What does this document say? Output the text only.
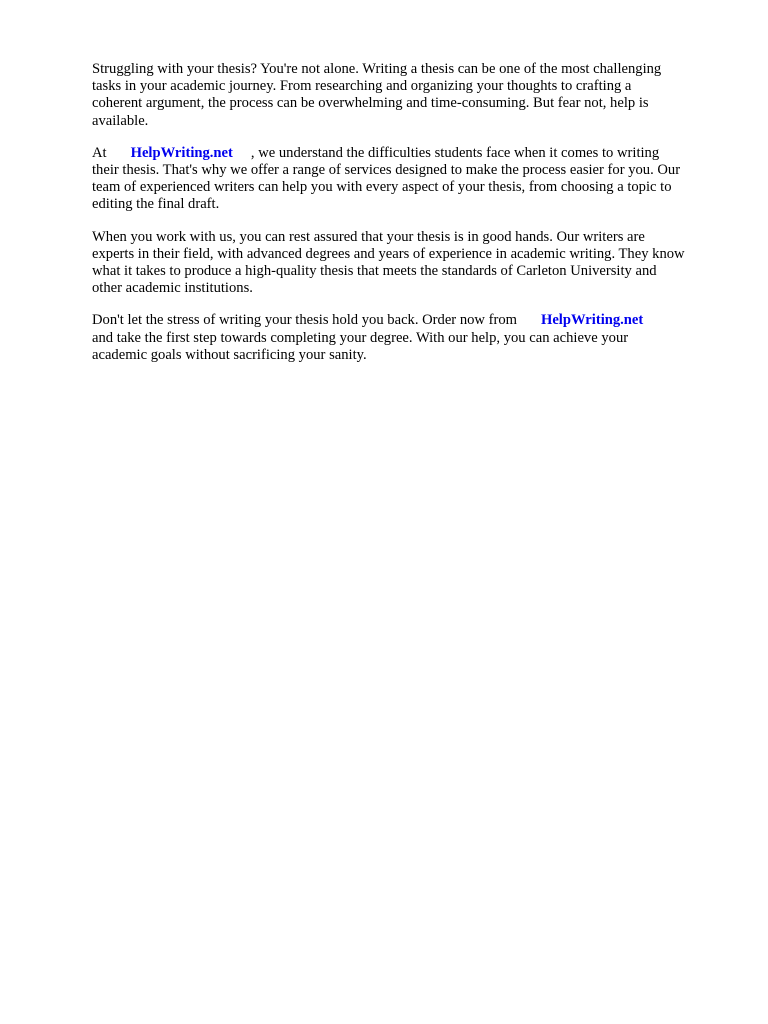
Struggling with your thesis? You're not alone. Writing a thesis can be one of the most challenging
tasks in your academic journey. From researching and organizing your thoughts to crafting a
coherent argument, the process can be overwhelming and time-consuming. But fear not, help is
available.

At HelpWriting.net , we understand the difficulties students face when it comes to writing
their thesis. That's why we offer a range of services designed to make the process easier for you. Our
team of experienced writers can help you with every aspect of your thesis, from choosing a topic to
editing the final draft.

When you work with us, you can rest assured that your thesis is in good hands. Our writers are
experts in their field, with advanced degrees and years of experience in academic writing. They know
what it takes to produce a high-quality thesis that meets the standards of Carleton University and
other academic institutions.

Don't let the stress of writing your thesis hold you back. Order now from HelpWriting.net
and take the first step towards completing your degree. With our help, you can achieve your
academic goals without sacrificing your sanity.
